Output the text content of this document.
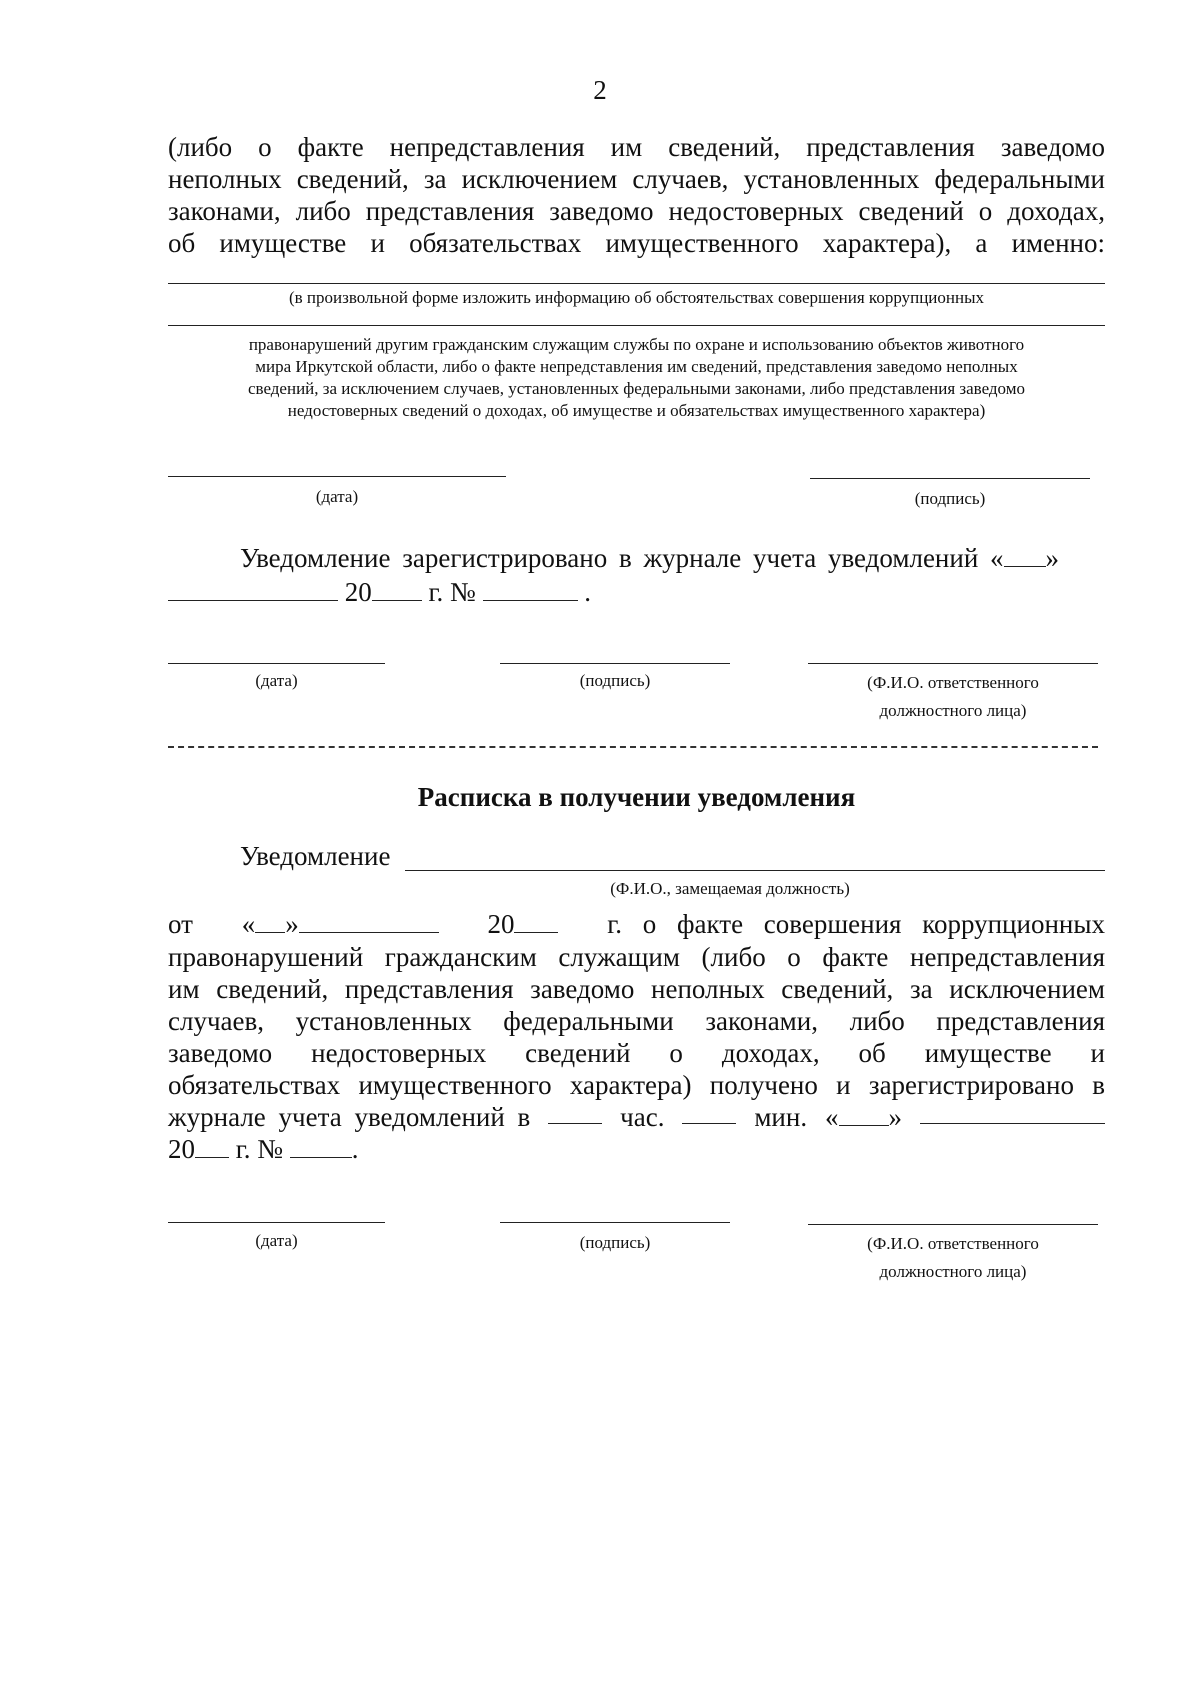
2
(либо о факте непредставления им сведений, представления заведомо
неполных сведений, за исключением случаев, установленных федеральными
законами, либо представления заведомо недостоверных сведений о доходах,
об имуществе и обязательствах имущественного характера), а именно:
(в произвольной форме изложить информацию об обстоятельствах совершения коррупционных
правонарушений другим гражданским служащим службы по охране и использованию объектов животного
мира Иркутской области, либо о факте непредставления им сведений, представления заведомо неполных
сведений, за исключением случаев, установленных федеральными законами, либо представления заведомо
недостоверных сведений о доходах, об имуществе и обязательствах имущественного характера)
(дата)	(подпись)
Уведомление зарегистрировано в журнале учета уведомлений « »
20 г. №	.
(дата)	(подпись)	(Ф.И.О. ответственного
должностного лица)
Расписка в получении уведомления
Уведомление
(Ф.И.О., замещаемая должность)
от « »	20	г. о факте совершения коррупционных
правонарушений гражданским служащим (либо о факте непредставления
им сведений, представления заведомо неполных сведений, за исключением
случаев, установленных федеральными законами, либо представления
заведомо недостоверных сведений о доходах, об имуществе и
обязательствах имущественного характера) получено и зарегистрировано в
журнале учета уведомлений в	час.	мин. « »
20 г. №	.
(дата)	(подпись)	(Ф.И.О. ответственного
должностного лица)
